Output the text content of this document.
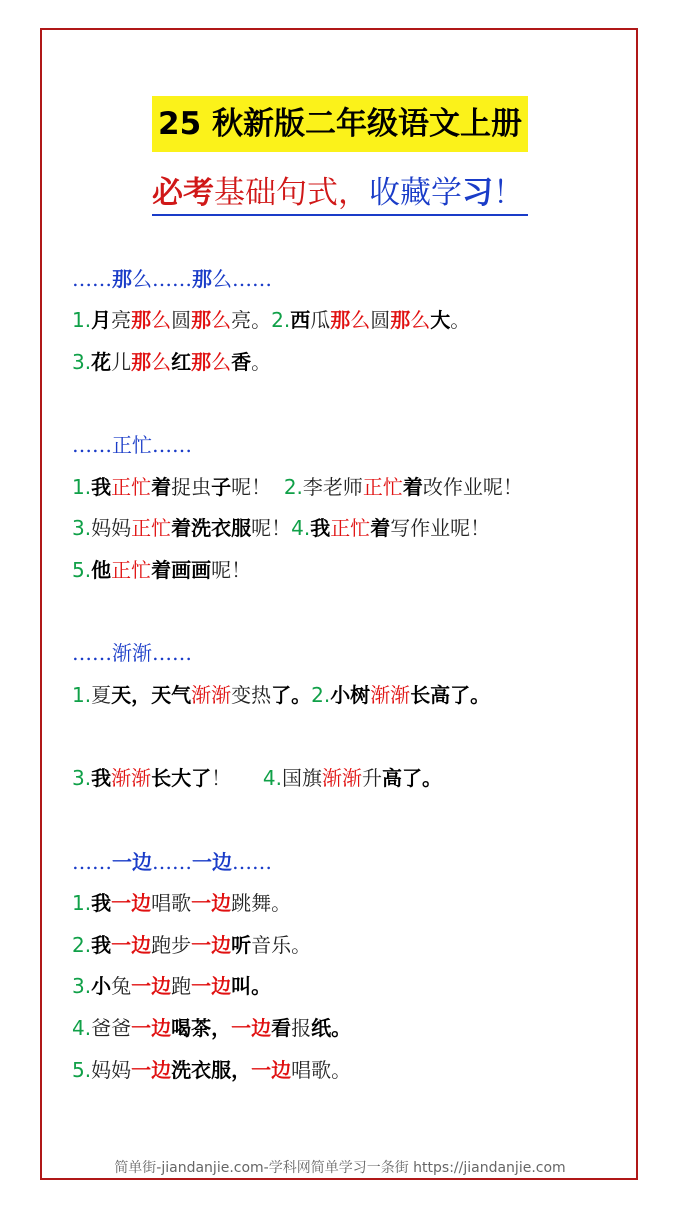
25 秋新版二年级语文上册
必考基础句式，收藏学习！
……那么……那么……
1.月亮那么圆那么亮。2.西瓜那么圆那么大。
3.花儿那么红那么香。
……正忙……
1.我正忙着捉虫子呢！  2.李老师正忙着改作业呢！
3.妈妈正忙着洗衣服呢！4.我正忙着写作业呢！
5.他正忙着画画呢！
……渐渐……
1.夏天，天气渐渐变热了。2.小树渐渐长高了。
3.我渐渐长大了！     4.国旗渐渐升高了。
……一边……一边……
1.我一边唱歌一边跳舞。
2.我一边跑步一边听音乐。
3.小兔一边跑一边叫。
4.爸爸一边喝茶，一边看报纸。
5.妈妈一边洗衣服，一边唱歌。
简单街-jiandanjie.com-学科网简单学习一条街 https://jiandanjie.com
